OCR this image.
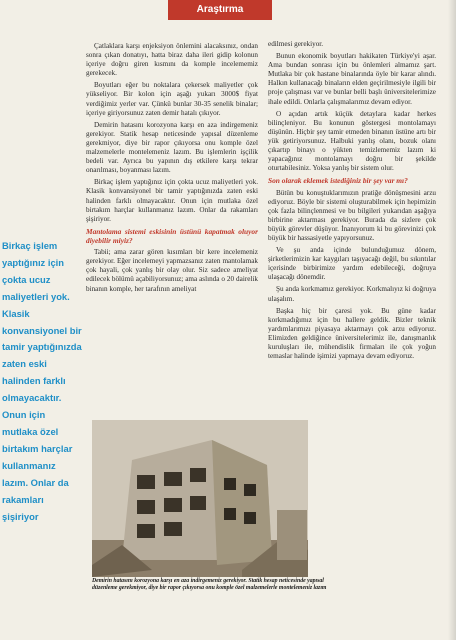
Araştırma
Birkaç işlem
yaptığınız için
çokta ucuz
maliyetleri yok.
Klasik
konvansiyonel bir
tamir yaptığınızda
zaten eski
halinden farklı
olmayacaktır.
Onun için
mutlaka özel
birtakım harçlar
kullanmanız
lazım. Onlar da
rakamları
şişiriyor

Çatlaklara karşı enjeksiyon önlemini alacaksınız, ondan sonra çıkan donatıyı, hatta biraz daha ileri gidip kolonun içeriye doğru giren kısmını da komple incelememiz gerekecek.

Boyutları eğer bu noktalara çekersek maliyetler çok yükseliyor. Bir kolon için aşağı yukarı 3000$ fiyat verdiğimiz yerler var. Çünkü bunlar 30-35 senelik binalar; içeriye giriyorsunuz zaten demir hatalı çıkıyor.

Demirin hatasını korozyona karşı en aza indirgemeniz gerekiyor. Statik hesap neticesinde yapısal düzenleme gerekmiyor, diye bir rapor çıkıyorsa onu komple özel malzemelerle montelemeniz lazım. Bu işlemlerin işçilik bedeli var. Ayrıca bu yapının dış etkilere karşı tekrar onarılması, boyanması lazım.

Birkaç işlem yaptığınız için çokta ucuz maliyetleri yok. Klasik konvansiyonel bir tamir yaptığınızda zaten eski halinden farklı olmayacaktır. Onun için mutlaka özel birtakım harçlar kullanmanız lazım. Onlar da rakamları şişiriyor.

Mantolama sistemi eskisinin üstünü kapatmak oluyor diyebilir miyiz?

Tabii; ama zarar gören kısımları bir kere incelemeniz gerekiyor. Eğer incelemeyi yapmazsanız zaten mantolamak çok hayali, çok yanlış bir olay olur. Siz sadece ameliyat edilecek bölümü açabiliyorsunuz; ama aslında o 20 dairelik binanın komple, her tarafının ameliyat

edilmesi gerekiyor.

Bunun ekonomik boyutları hakikaten Türkiye'yi aşar. Ama bundan sonrası için bu önlemleri almamız şart. Mutlaka bir çok hastane binalarında öyle bir karar alındı. Halkın kullanacağı binaların elden geçirilmesiyle ilgili bir proje çalışması var ve bunlar belli başlı üniversitelerimize ihale edildi. Onlarla çalışmalarımız devam ediyor.

O açıdan artık küçük detaylara kadar herkes bilinçleniyor. Bu konunun göstergesi montolamayı düşünün. Hiçbir şey tamir etmeden binanın üstüne artı bir yük getiriyorsunuz. Halbuki yanlış olanı, bozuk olanı çıkartıp binayı o yükten temizlememiz lazım ki yapacağınız montolamayı doğru bir şekilde oturtabilesiniz. Yoksa yanlış bir sistem olur.

Son olarak eklemek istediğiniz bir şey var mı?

Bütün bu konuştuklarımızın pratiğe dönüşmesini arzu ediyoruz. Böyle bir sistemi oluşturabilmek için hepimizin çok fazla bilinçlenmesi ve bu bilgileri yukarıdan aşağıya birbirine aktarması gerekiyor. Burada da sizlere çok büyük görevler düşüyor. İnanıyorum ki bu görevinizi çok büyük bir hassasiyetle yapıyorsunuz.

Ve şu anda içinde bulunduğumuz dönem, şirketlerimizin kar kaygıları taşıyacağı değil, bu sıkıntılar içerisinde birbirimize yardım edebileceği, doğruya ulaşacağı dönemdir.

Şu anda korkmamız gerekiyor. Korkmalıyız ki doğruya ulaşalım.

Başka hiç bir çaresi yok. Bu güne kadar korkmadığımız için bu hallere geldik. Bizler teknik yardımlarımızı piyasaya aktarmayı çok arzu ediyoruz. Elimizden geldiğince üniversitelerimiz ile, danışmanlık kuruluşları ile, mühendislik firmaları ile çok yoğun temaslar halinde işimizi yapmaya devam ediyoruz.

Demirin hatasını korozyona karşı en aza indirgemeniz gerekiyor. Statik hesap neticesinde yapısal düzenleme gerekmiyor, diye bir rapor çıkıyorsa onu komple özel malzemelerle montelemeniz lazım
